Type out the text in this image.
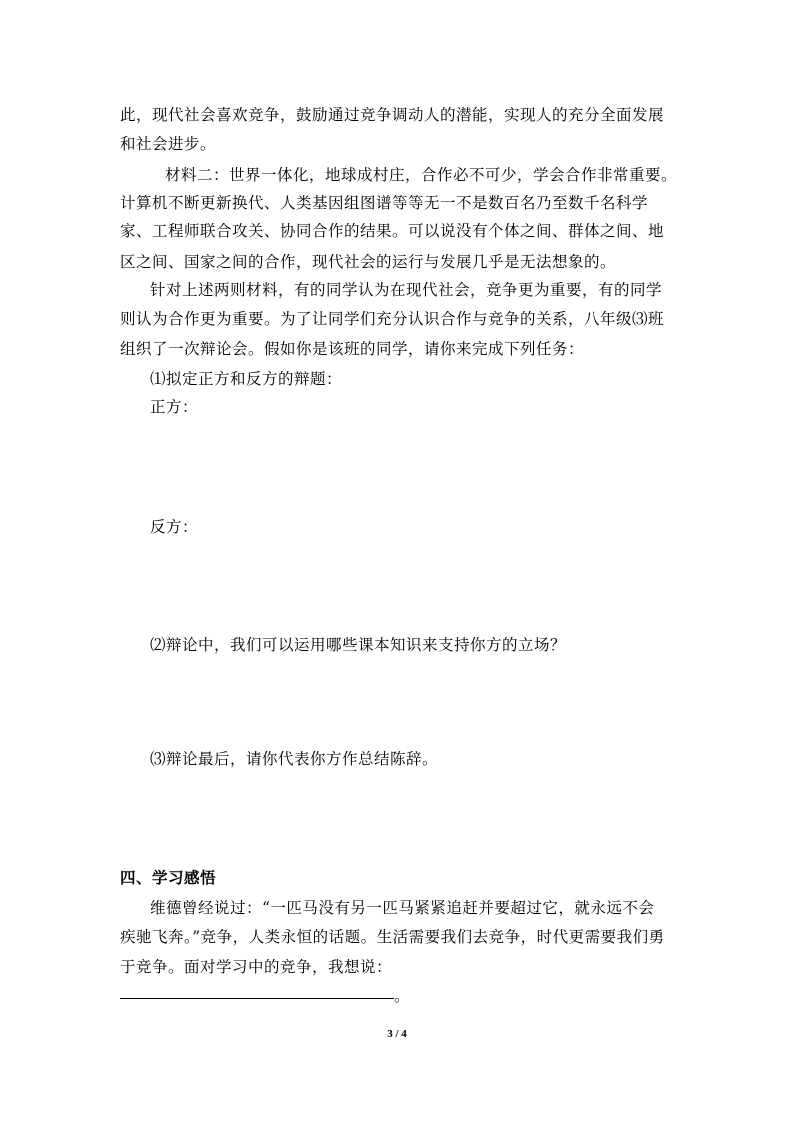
此，现代社会喜欢竞争，鼓励通过竞争调动人的潜能，实现人的充分全面发展
和社会进步。
材料二：世界一体化，地球成村庄，合作必不可少，学会合作非常重要。
计算机不断更新换代、人类基因组图谱等等无一不是数百名乃至数千名科学
家、工程师联合攻关、协同合作的结果。可以说没有个体之间、群体之间、地
区之间、国家之间的合作，现代社会的运行与发展几乎是无法想象的。
针对上述两则材料，有的同学认为在现代社会，竞争更为重要，有的同学
则认为合作更为重要。为了让同学们充分认识合作与竞争的关系，八年级⑶班
组织了一次辩论会。假如你是该班的同学，请你来完成下列任务：
⑴拟定正方和反方的辩题：
正方：
反方：
⑵辩论中，我们可以运用哪些课本知识来支持你方的立场？
⑶辩论最后，请你代表你方作总结陈辞。
四、学习感悟
维德曾经说过：“一匹马没有另一匹马紧紧追赶并要超过它，就永远不会
疾驰飞奔。”竞争，人类永恒的话题。生活需要我们去竞争，时代更需要我们勇
于竞争。面对学习中的竞争，我想说：
。
3 / 4
